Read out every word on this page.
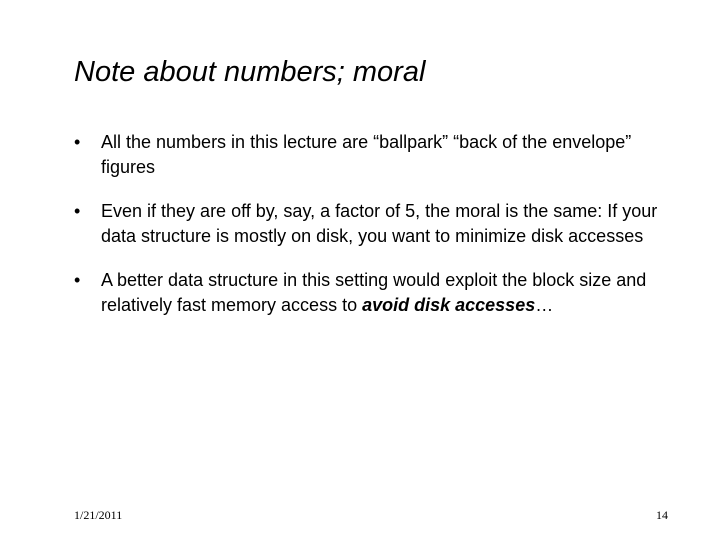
Note about numbers; moral
•	All the numbers in this lecture are “ballpark” “back of the envelope” figures
•	Even if they are off by, say, a factor of 5, the moral is the same: If your data structure is mostly on disk, you want to minimize disk accesses
•	A better data structure in this setting would exploit the block size and relatively fast memory access to avoid disk accesses…
1/21/2011	14
